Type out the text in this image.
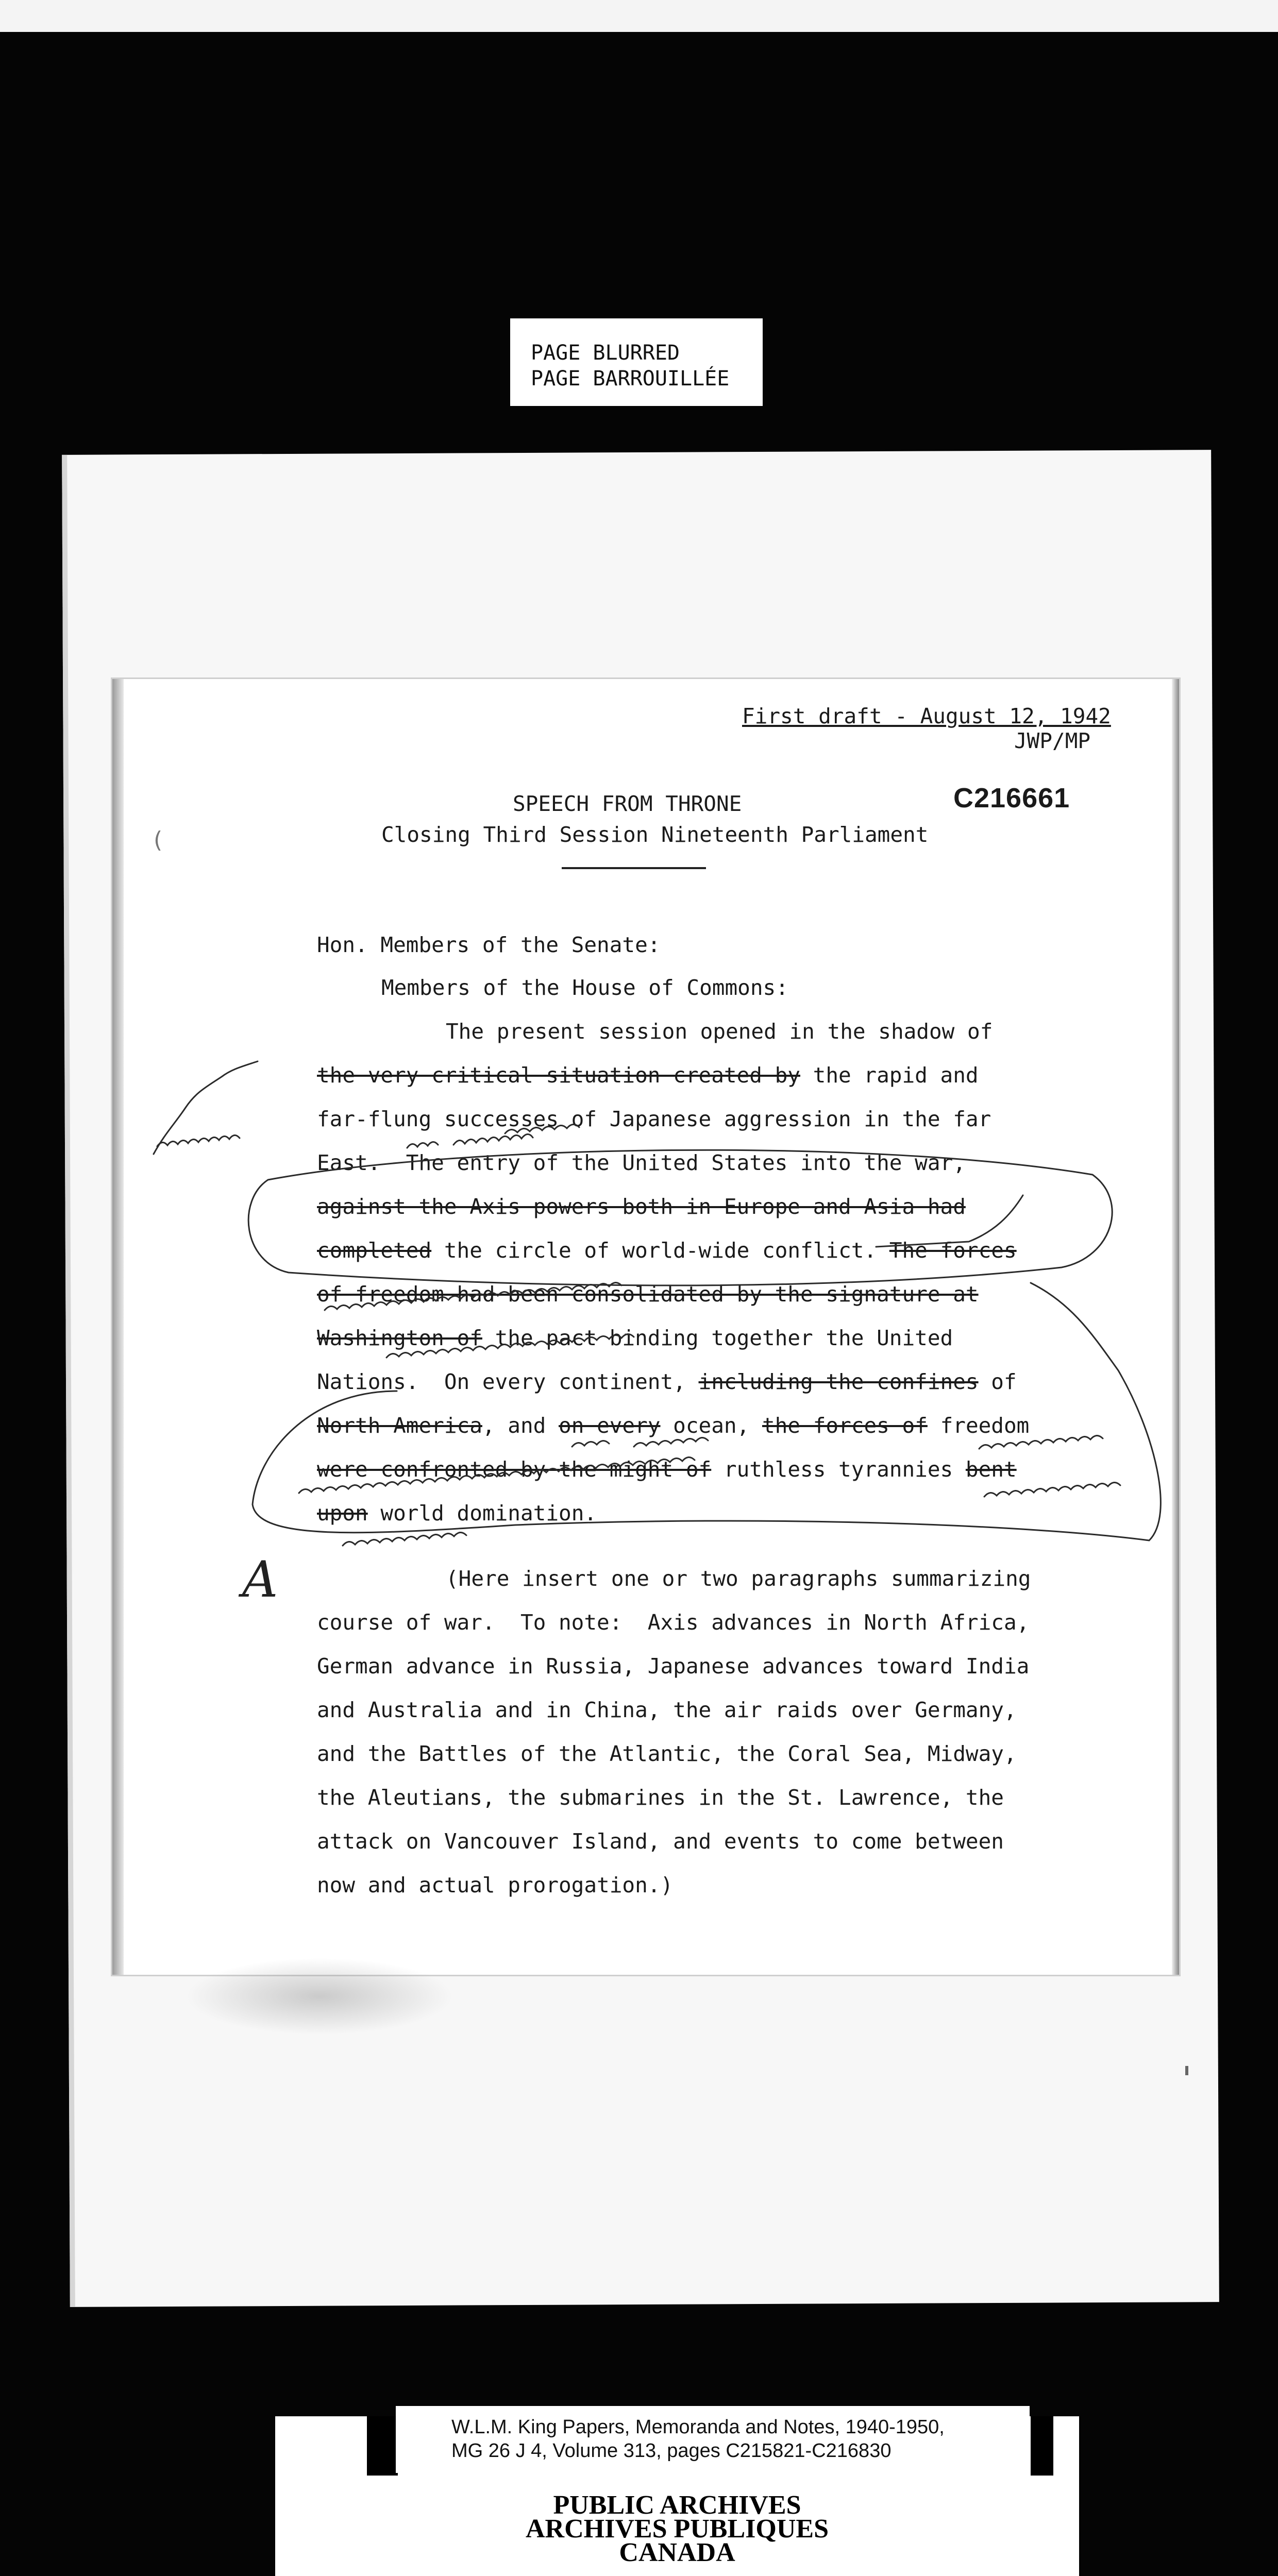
PAGE BLURRED
PAGE BARROUILLÉE
(
First draft - August 12, 1942
JWP/MP
C216661
SPEECH FROM THRONE
Closing Third Session Nineteenth Parliament
Hon. Members of the Senate:
Members of the House of Commons:
The present session opened in the shadow of
the very critical situation created by the rapid and
far-flung successes of Japanese aggression in the far
East.  The entry of the United States into the war,
against the Axis powers both in Europe and Asia had
completed the circle of world-wide conflict. The forces
of freedom had been consolidated by the signature at
Washington of the pact binding together the United
Nations.  On every continent, including the confines of
North America, and on every ocean, the forces of freedom
were confronted by the might of ruthless tyrannies bent
upon world domination.
A	(Here insert one or two paragraphs summarizing
course of war.  To note:  Axis advances in North Africa,
German advance in Russia, Japanese advances toward India
and Australia and in China, the air raids over Germany,
and the Battles of the Atlantic, the Coral Sea, Midway,
the Aleutians, the submarines in the St. Lawrence, the
attack on Vancouver Island, and events to come between
now and actual prorogation.)
W.L.M. King Papers, Memoranda and Notes, 1940-1950,
MG 26 J 4, Volume 313, pages C215821-C216830
PUBLIC ARCHIVES
ARCHIVES PUBLIQUES
CANADA
